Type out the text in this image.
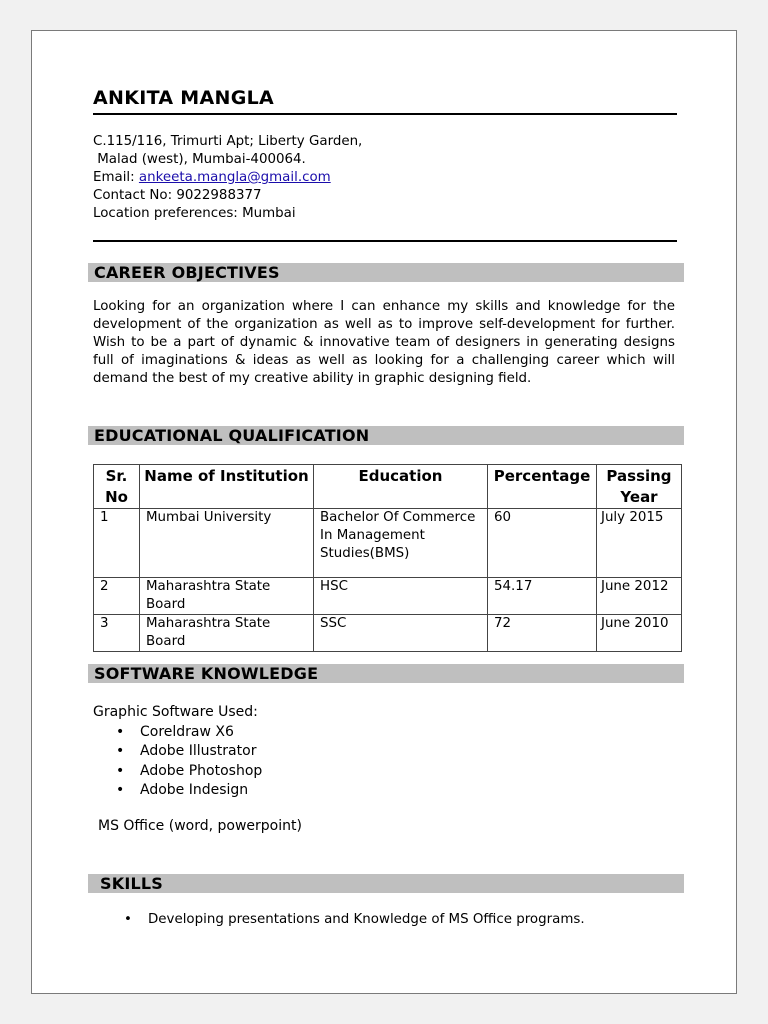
ANKITA MANGLA
C.115/116, Trimurti Apt; Liberty Garden,
Malad (west), Mumbai-400064.
Email: ankeeta.mangla@gmail.com
Contact No: 9022988377
Location preferences: Mumbai
CAREER OBJECTIVES
Looking for an organization where I can enhance my skills and knowledge for the development of the organization as well as to improve self-development for further. Wish to be a part of dynamic & innovative team of designers in generating designs full of imaginations & ideas as well as looking for a challenging career which will demand the best of my creative ability in graphic designing field.
EDUCATIONAL QUALIFICATION
Sr. No	Name of Institution	Education	Percentage	Passing Year
1	Mumbai University	Bachelor Of Commerce In Management Studies(BMS)	60	July 2015
2	Maharashtra State Board	HSC	54.17	June 2012
3	Maharashtra State Board	SSC	72	June 2010
SOFTWARE KNOWLEDGE
Graphic Software Used:
• Coreldraw X6
• Adobe Illustrator
• Adobe Photoshop
• Adobe Indesign
MS Office (word, powerpoint)
SKILLS
• Developing presentations and Knowledge of MS Office programs.
